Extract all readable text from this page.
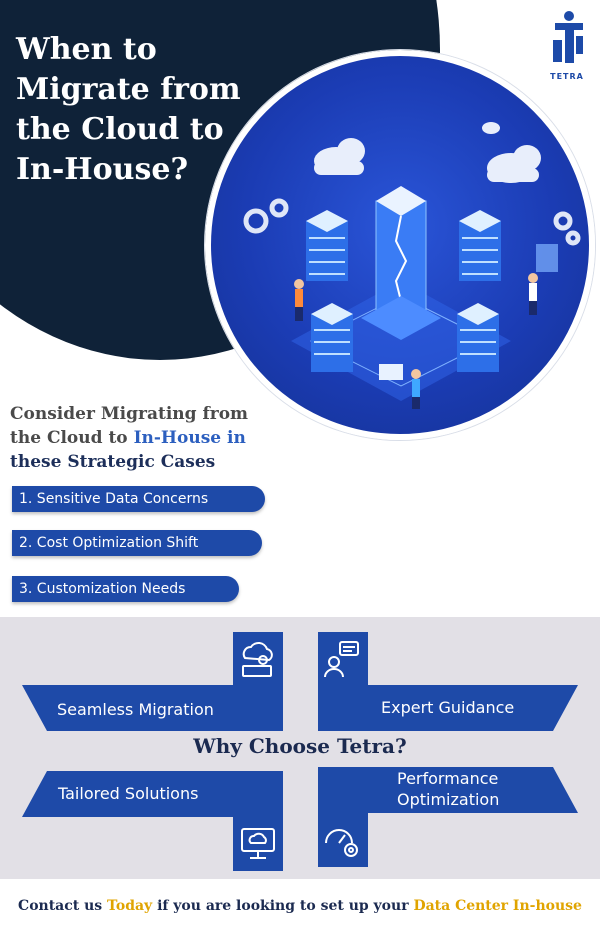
When to
Migrate from
the Cloud to
In-House?
TETRA
Consider Migrating from
the Cloud to In-House in
these Strategic Cases
1. Sensitive Data Concerns
2. Cost Optimization Shift
3. Customization Needs
Seamless Migration	Expert Guidance
Why Choose Tetra?
Tailored Solutions
Performance
Optimization
Contact us Today if you are looking to set up your Data Center In-house
